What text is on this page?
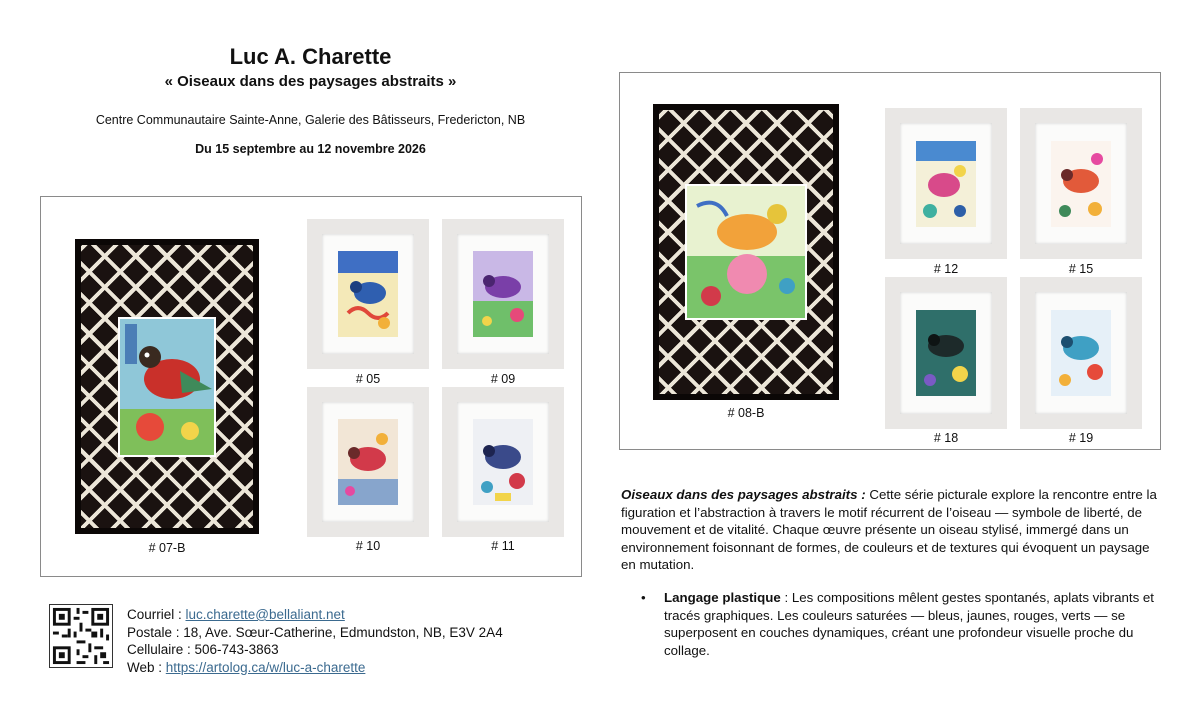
Luc A. Charette
« Oiseaux dans des paysages abstraits »
Centre Communautaire Sainte-Anne, Galerie des Bâtisseurs, Fredericton, NB
Du 15 septembre au 12 novembre 2026
# 07-B
# 05	# 09
# 10	# 11
# 08-B
# 12	# 15
# 18	# 19
Courriel : luc.charette@bellaliant.net
Postale : 18, Ave. Sœur-Catherine, Edmundston, NB, E3V 2A4
Cellulaire : 506-743-3863
Web : https://artolog.ca/w/luc-a-charette
Oiseaux dans des paysages abstraits : Cette série picturale explore la rencontre entre la figuration et l’abstraction à travers le motif récurrent de l’oiseau — symbole de liberté, de mouvement et de vitalité. Chaque œuvre présente un oiseau stylisé, immergé dans un environnement foisonnant de formes, de couleurs et de textures qui évoquent un paysage en mutation.
• Langage plastique : Les compositions mêlent gestes spontanés, aplats vibrants et tracés graphiques. Les couleurs saturées — bleus, jaunes, rouges, verts — se superposent en couches dynamiques, créant une profondeur visuelle proche du collage.
